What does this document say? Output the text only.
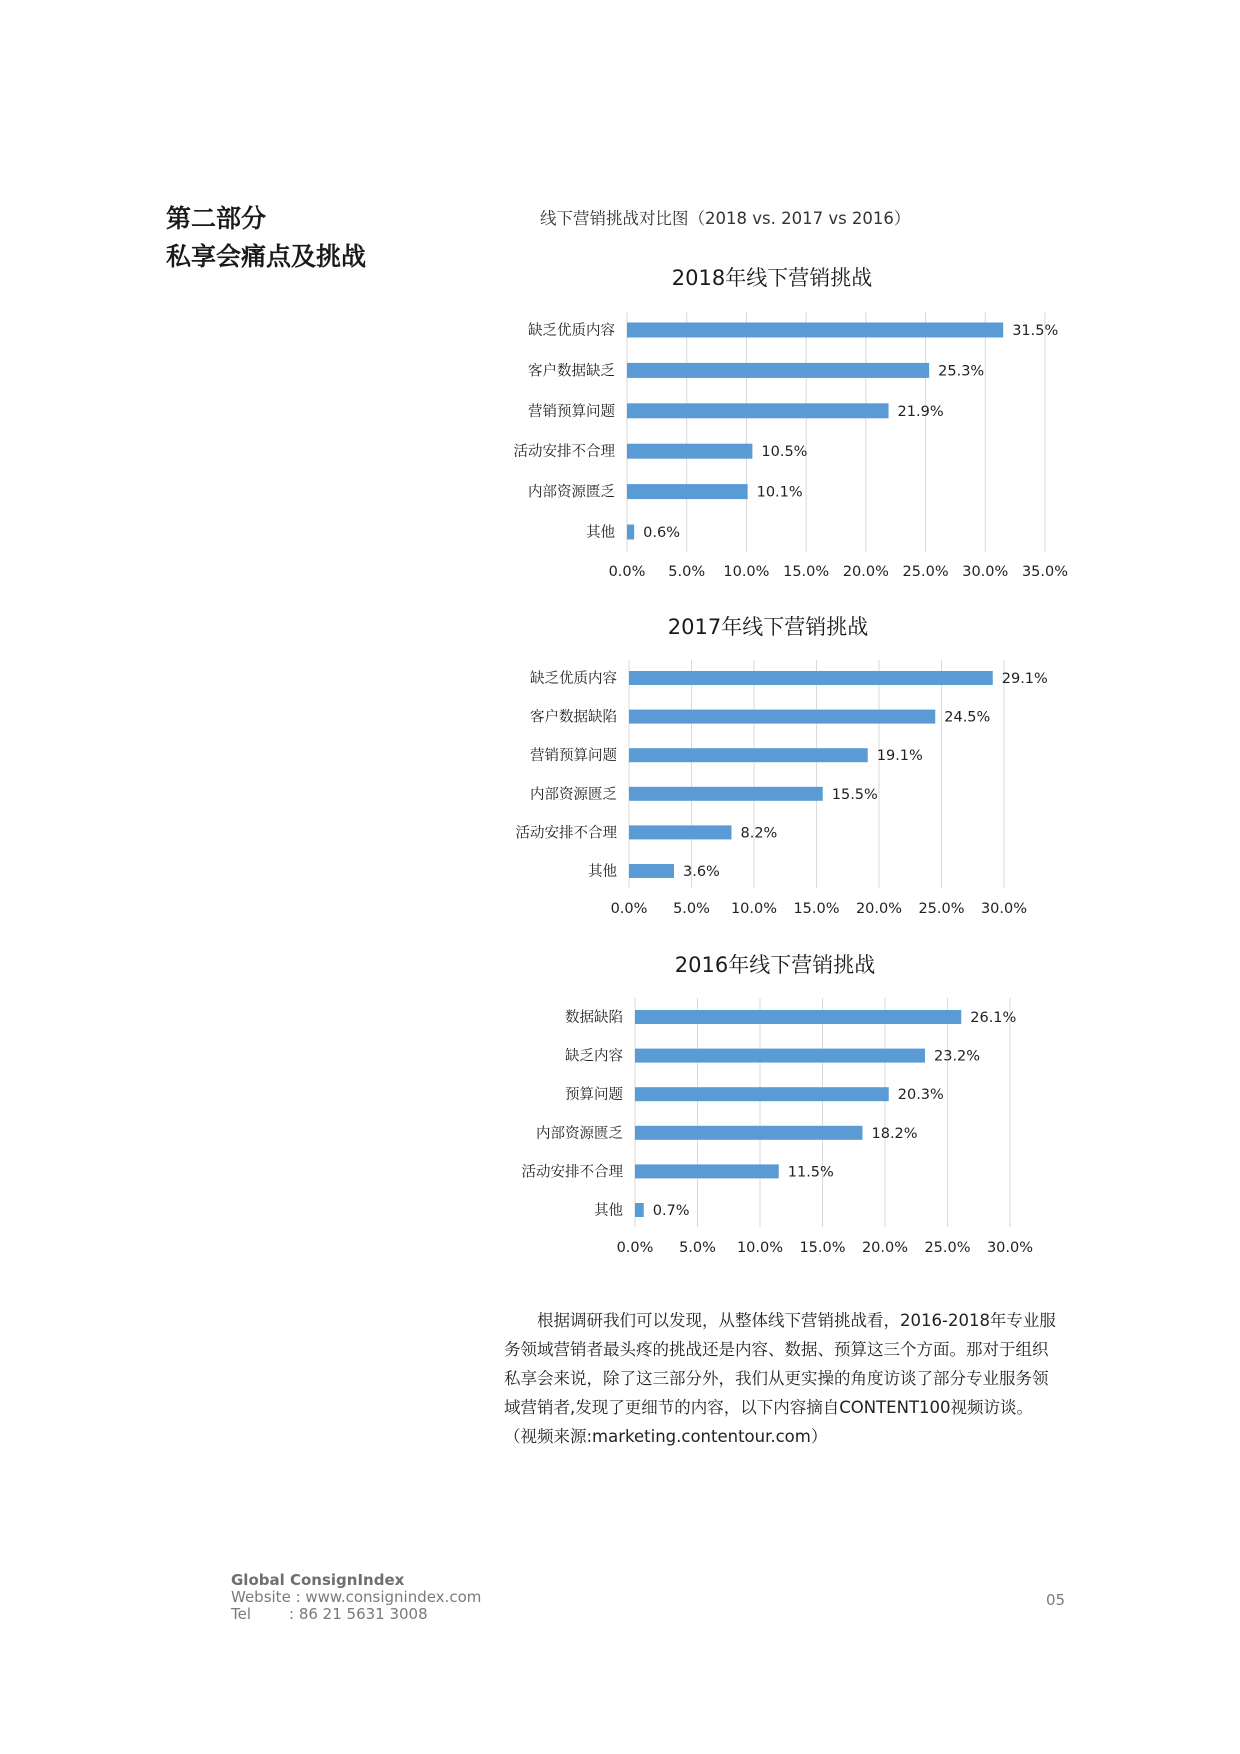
第二部分
私享会痛点及挑战
线下营销挑战对比图（2018 vs. 2017 vs 2016）
2018年线下营销挑战
0.0% 5.0% 10.0% 15.0% 20.0% 25.0% 30.0% 35.0%
缺乏优质内容	31.5%
客户数据缺乏	25.3%
营销预算问题	21.9%
活动安排不合理	10.5%
内部资源匮乏	10.1%
其他 0.6%
2017年线下营销挑战
0.0% 5.0% 10.0% 15.0% 20.0% 25.0% 30.0%
缺乏优质内容	29.1%
客户数据缺陷	24.5%
营销预算问题	19.1%
内部资源匮乏	15.5%
活动安排不合理	8.2%
其他	3.6%
2016年线下营销挑战
0.0% 5.0% 10.0% 15.0% 20.0% 25.0% 30.0%
数据缺陷	26.1%
缺乏内容	23.2%
预算问题	20.3%
内部资源匮乏	18.2%
活动安排不合理	11.5%
其他 0.7%

根据调研我们可以发现，从整体线下营销挑战看，2016-2018年专业服务领域营销者最头疼的挑战还是内容、数据、预算这三个方面。那对于组织私享会来说，除了这三部分外，我们从更实操的角度访谈了部分专业服务领域营销者,发现了更细节的内容，以下内容摘自CONTENT100视频访谈。

（视频来源:marketing.contentour.com）

Global ConsignIndex
Website : www.consignindex.com
Tel	: 86 21 5631 3008
05
